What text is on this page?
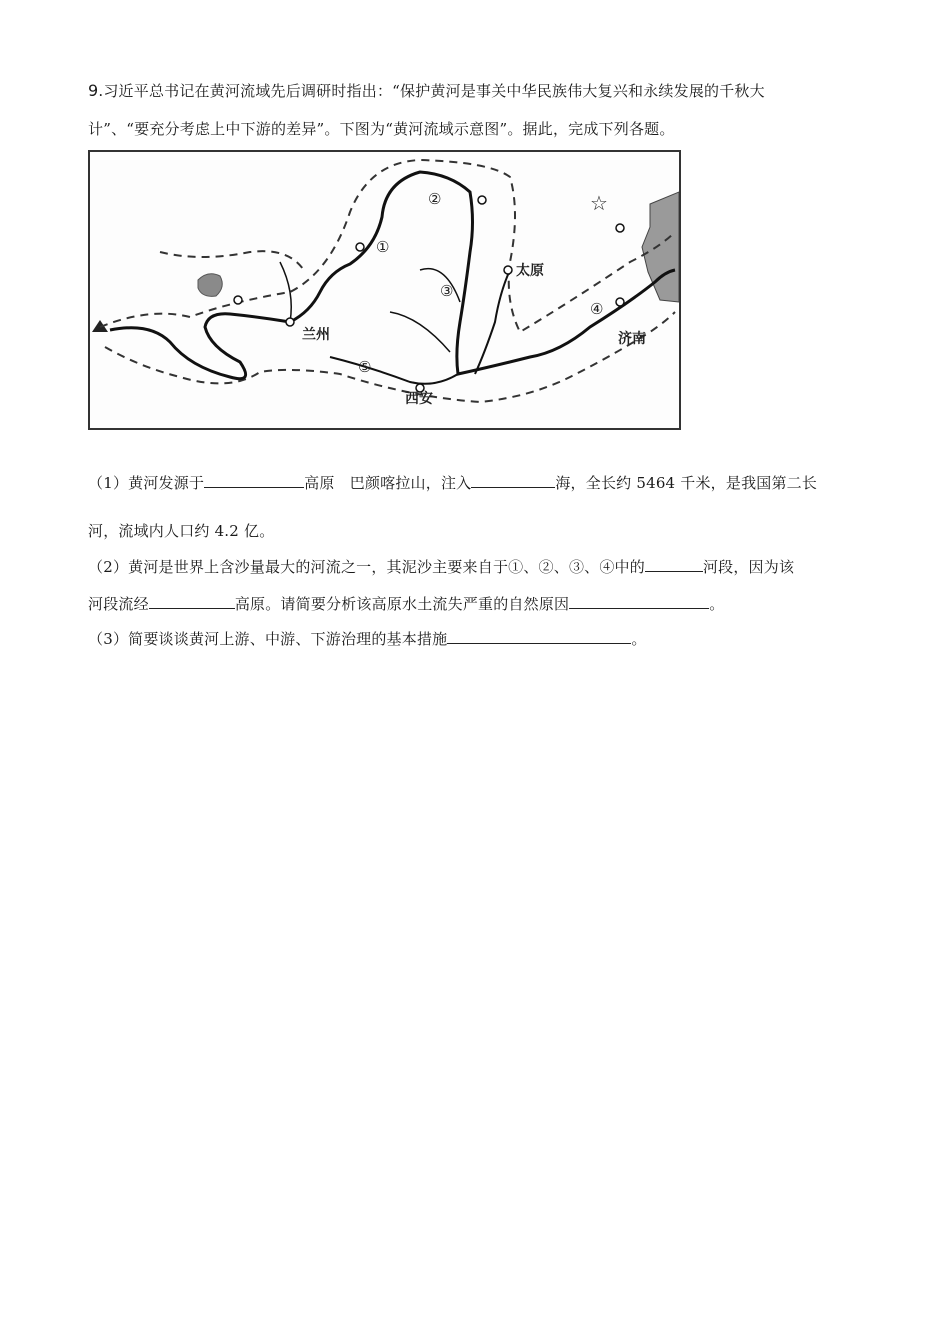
9.习近平总书记在黄河流域先后调研时指出：“保护黄河是事关中华民族伟大复兴和永续发展的千秋大
计”、“要充分考虑上中下游的差异”。下图为“黄河流域示意图”。据此，完成下列各题。
☆
兰州
太原
西安
济南
①
②
③
④
⑤
（1）黄河发源于	高原　巴颜喀拉山，注入	海，全长约 5464 千米，是我国第二长
河，流域内人口约 4.2 亿。
（2）黄河是世界上含沙量最大的河流之一，其泥沙主要来自于①、②、③、④中的	河段，因为该
河段流经	高原。请简要分析该高原水土流失严重的自然原因	。
（3）简要谈谈黄河上游、中游、下游治理的基本措施	。
